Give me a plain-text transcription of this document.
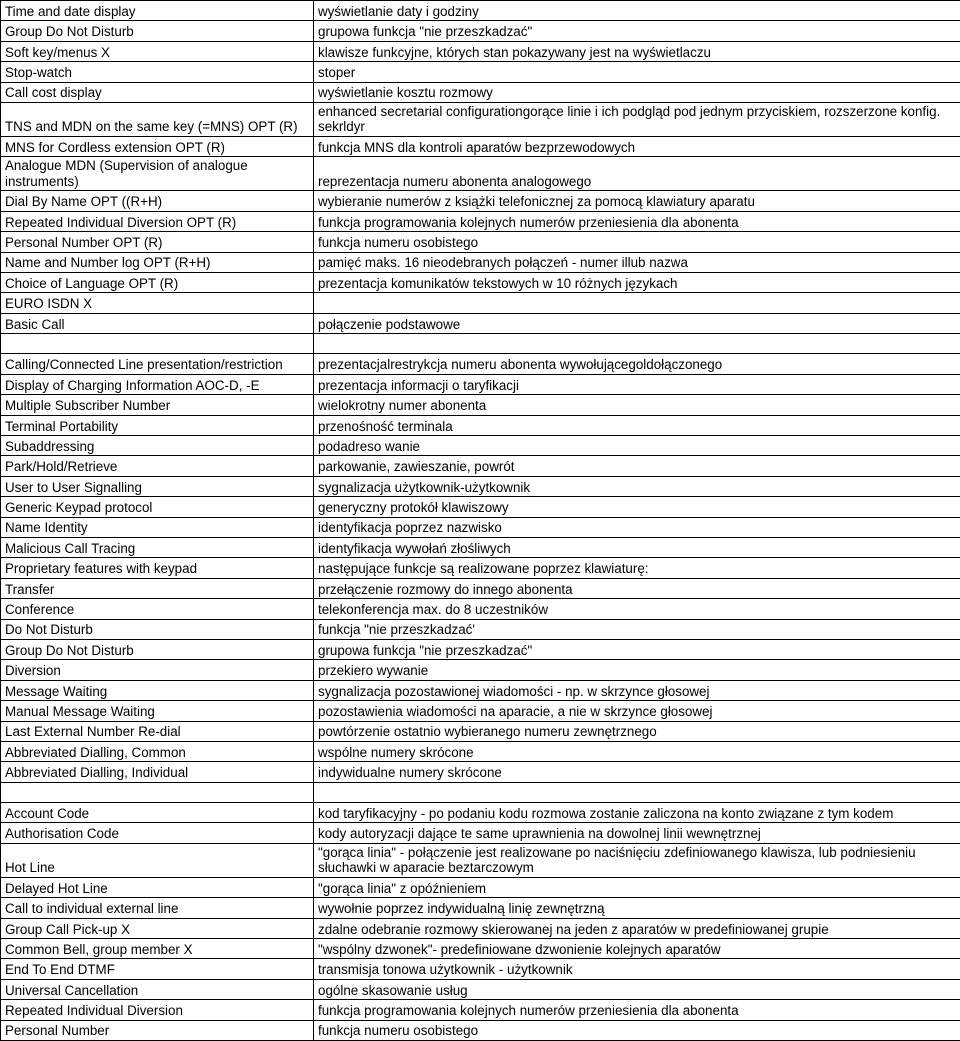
Time and date display	wyświetlanie daty i godziny
Group Do Not Disturb	grupowa funkcja "nie przeszkadzać"
Soft key/menus X	klawisze funkcyjne, których stan pokazywany jest na wyświetlaczu
Stop-watch	stoper
Call cost display	wyświetlanie kosztu rozmowy
TNS and MDN on the same key (=MNS) OPT (R)	enhanced secretarial configurationgorące linie i ich podgląd pod jednym przyciskiem, rozszerzone konfig. sekrldyr
MNS for Cordless extension OPT (R)	funkcja MNS dla kontroli aparatów bezprzewodowych
Analogue MDN (Supervision of analogue instruments)	reprezentacja numeru abonenta analogowego
Dial By Name OPT ((R+H)	wybieranie numerów z książki telefonicznej za pomocą klawiatury aparatu
Repeated Individual Diversion OPT (R)	funkcja programowania kolejnych numerów przeniesienia dla abonenta
Personal Number OPT (R)	funkcja numeru osobistego
Name and Number log OPT (R+H)	pamięć maks. 16 nieodebranych połączeń - numer illub nazwa
Choice of Language OPT (R)	prezentacja komunikatów tekstowych w 10 różnych językach
EURO ISDN X	
Basic Call	połączenie podstawowe

Calling/Connected Line presentation/restriction	prezentacjalrestrykcja numeru abonenta wywołującegoldołączonego
Display of Charging Information AOC-D, -E	prezentacja informacji o taryfikacji
Multiple Subscriber Number	wielokrotny numer abonenta
Terminal Portability	przenośność terminala
Subaddressing	podadreso wanie
Park/Hold/Retrieve	parkowanie, zawieszanie, powrót
User to User Signalling	sygnalizacja użytkownik-użytkownik
Generic Keypad protocol	generyczny protokół klawiszowy
Name Identity	identyfikacja poprzez nazwisko
Malicious Call Tracing	identyfikacja wywołań złośliwych
Proprietary features with keypad	następujące funkcje są realizowane poprzez klawiaturę:
Transfer	przełączenie rozmowy do innego abonenta
Conference	telekonferencja max. do 8 uczestników
Do Not Disturb	funkcja "nie przeszkadzać'
Group Do Not Disturb	grupowa funkcja "nie przeszkadzać"
Diversion	przekiero wywanie
Message Waiting	sygnalizacja pozostawionej wiadomości - np. w skrzynce głosowej
Manual Message Waiting	pozostawienia wiadomości na aparacie, a nie w skrzynce głosowej
Last External Number Re-dial	powtórzenie ostatnio wybieranego numeru zewnętrznego
Abbreviated Dialling, Common	wspólne numery skrócone
Abbreviated Dialling, Individual	indywidualne numery skrócone

Account Code	kod taryfikacyjny - po podaniu kodu rozmowa zostanie zaliczona na konto związane z tym kodem
Authorisation Code	kody autoryzacji dające te same uprawnienia na dowolnej linii wewnętrznej
Hot Line	"gorąca linia" - połączenie jest realizowane po naciśnięciu zdefiniowanego klawisza, lub podniesieniu słuchawki w aparacie beztarczowym
Delayed Hot Line	"gorąca linia" z opóźnieniem
Call to individual external line	wywołnie poprzez indywidualną linię zewnętrzną
Group Call Pick-up X	zdalne odebranie rozmowy skierowanej na jeden z aparatów w predefiniowanej grupie
Common Bell, group member X	"wspólny dzwonek"- predefiniowane dzwonienie kolejnych aparatów
End To End DTMF	transmisja tonowa użytkownik - użytkownik
Universal Cancellation	ogólne skasowanie usług
Repeated Individual Diversion	funkcja programowania kolejnych numerów przeniesienia dla abonenta
Personal Number	funkcja numeru osobistego
